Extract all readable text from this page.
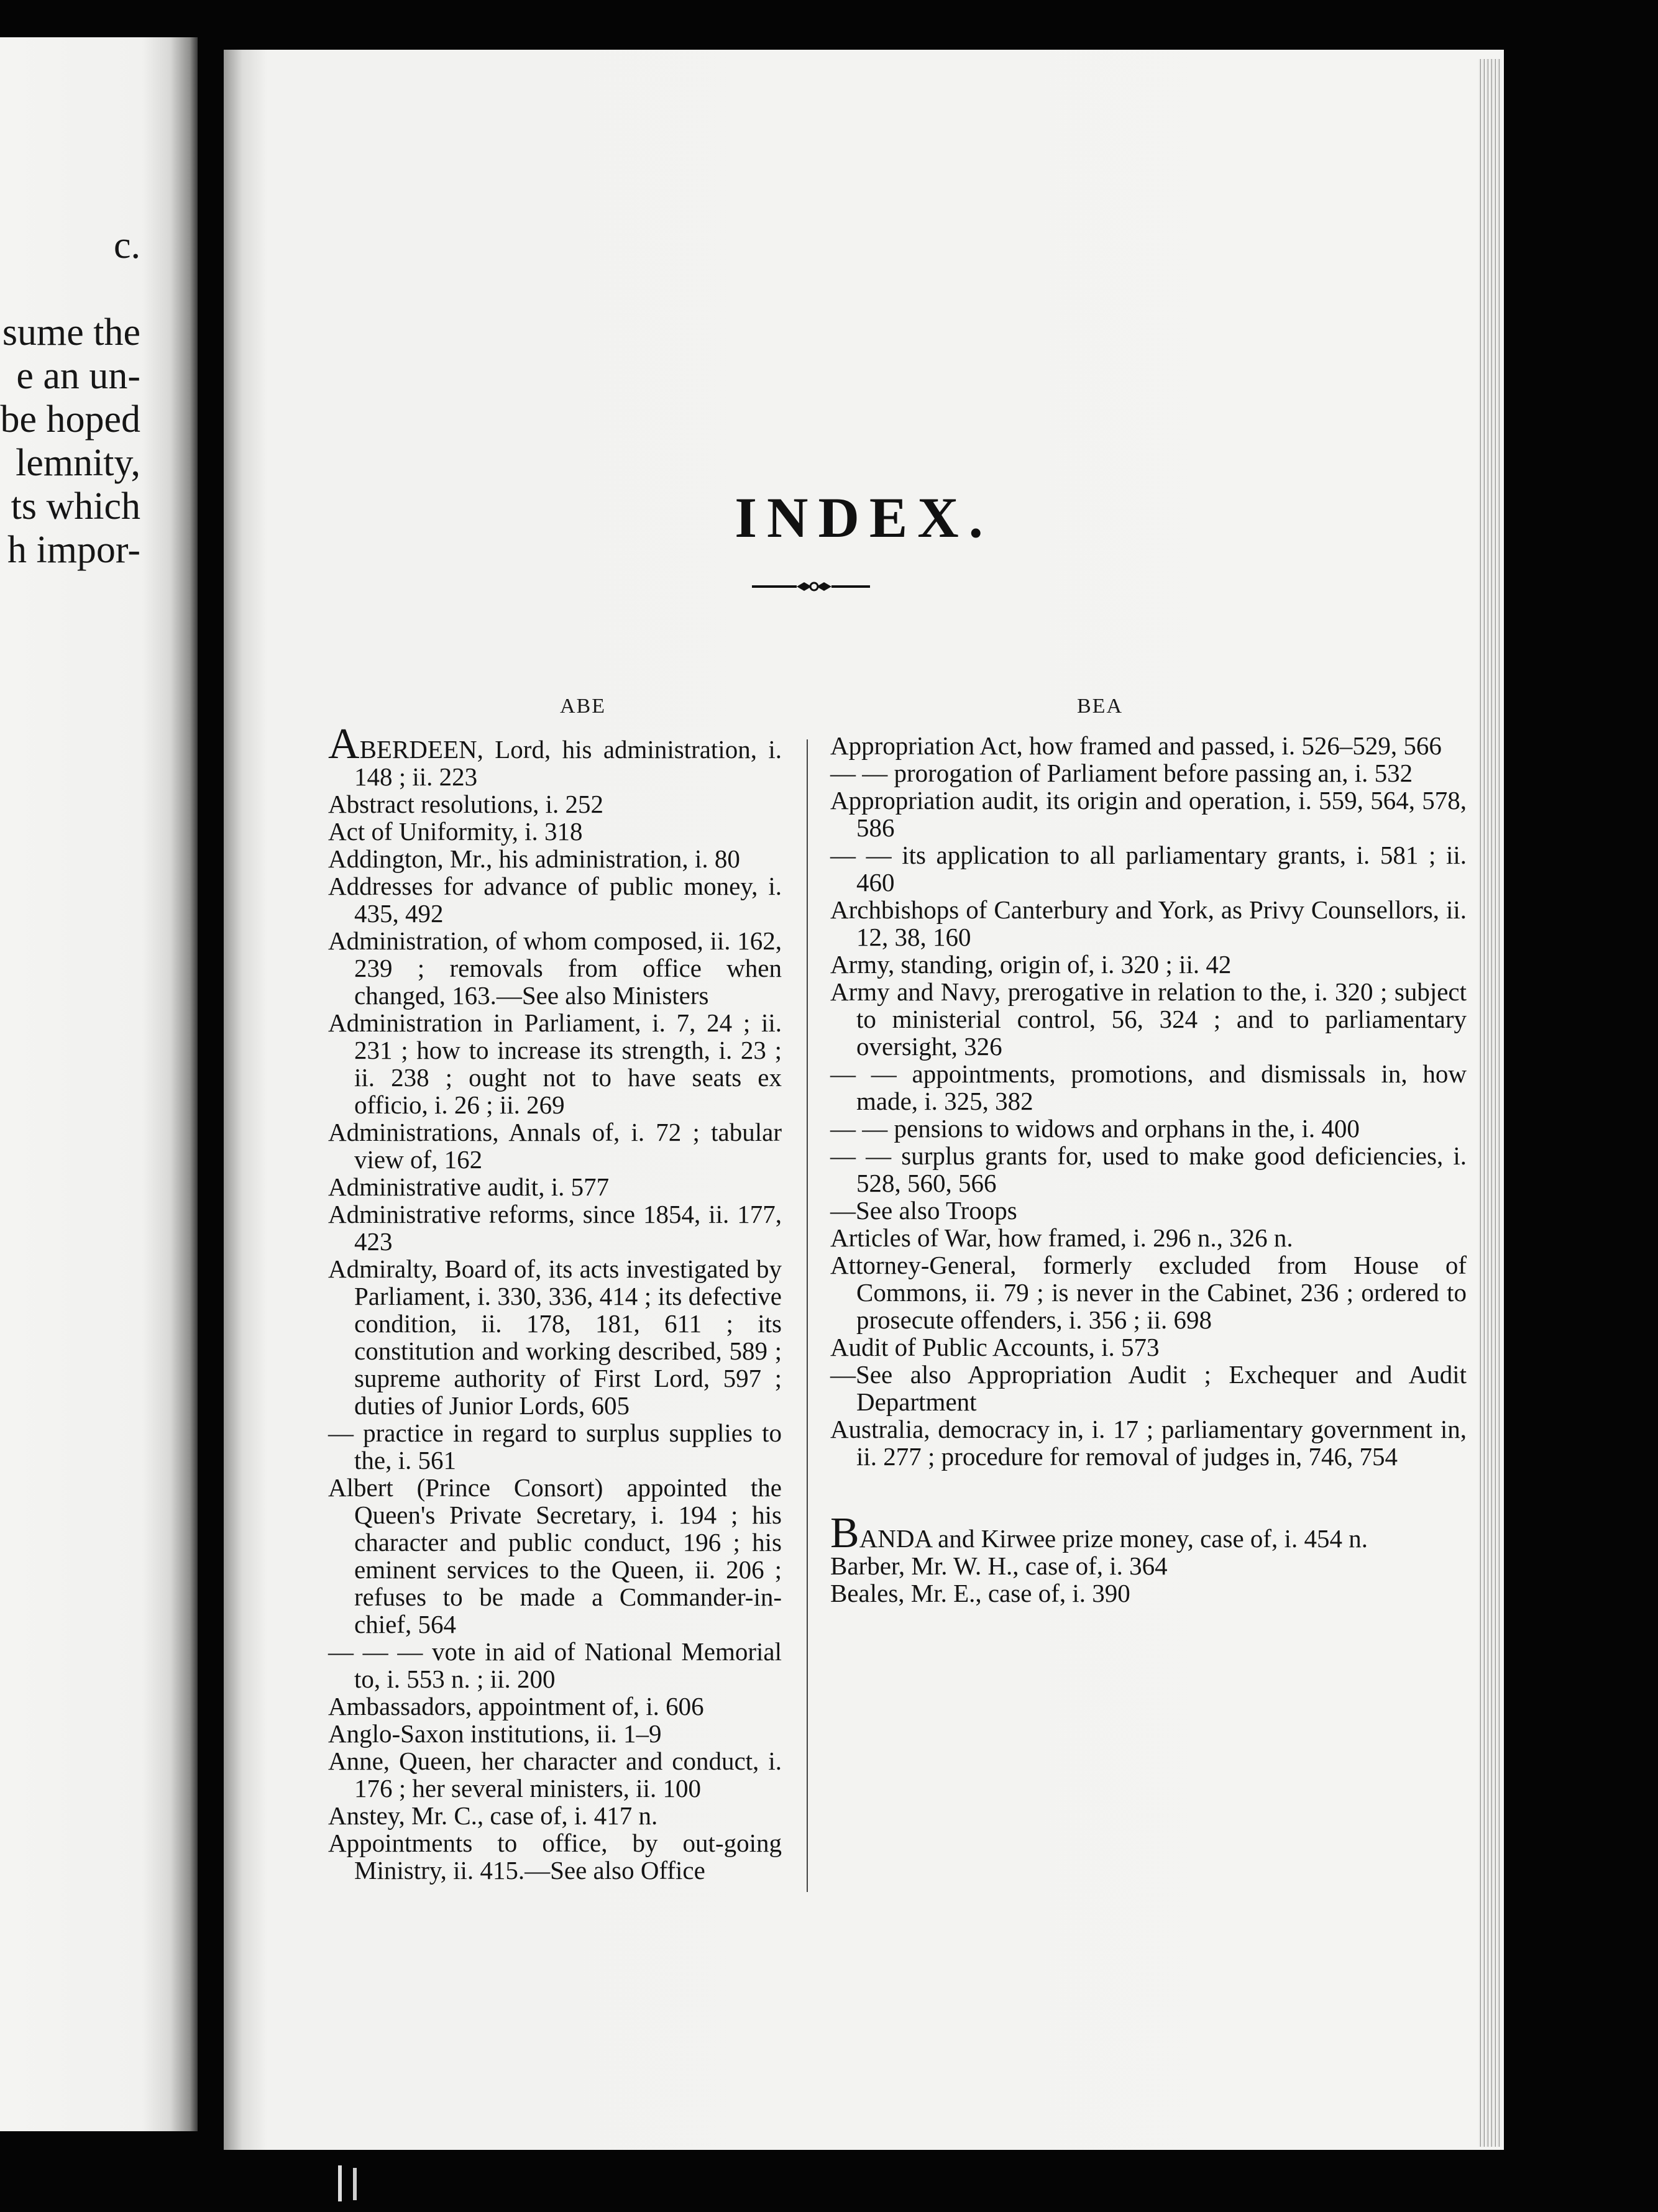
c.
sume the
e an un-
be hoped
lemnity,
ts which
h impor-
INDEX.
ABE	BEA

ABERDEEN, Lord, his administration, i. 148 ; ii. 223

Abstract resolutions, i. 252

Act of Uniformity, i. 318

Addington, Mr., his administration, i. 80

Addresses for advance of public money, i. 435, 492

Administration, of whom composed, ii. 162, 239 ; removals from office when changed, 163.—See also Ministers

Administration in Parliament, i. 7, 24 ; ii. 231 ; how to increase its strength, i. 23 ; ii. 238 ; ought not to have seats ex officio, i. 26 ; ii. 269

Administrations, Annals of, i. 72 ; tabular view of, 162

Administrative audit, i. 577

Administrative reforms, since 1854, ii. 177, 423

Admiralty, Board of, its acts investigated by Parliament, i. 330, 336, 414 ; its defective condition, ii. 178, 181, 611 ; its constitution and working described, 589 ; supreme authority of First Lord, 597 ; duties of Junior Lords, 605

— practice in regard to surplus supplies to the, i. 561

Albert (Prince Consort) appointed the Queen's Private Secretary, i. 194 ; his character and public conduct, 196 ; his eminent services to the Queen, ii. 206 ; refuses to be made a Commander-in-chief, 564

— — — vote in aid of National Memorial to, i. 553 n. ; ii. 200

Ambassadors, appointment of, i. 606

Anglo-Saxon institutions, ii. 1–9

Anne, Queen, her character and conduct, i. 176 ; her several ministers, ii. 100

Anstey, Mr. C., case of, i. 417 n.

Appointments to office, by out-going Ministry, ii. 415.—See also Office

Appropriation Act, how framed and passed, i. 526–529, 566

— — prorogation of Parliament before passing an, i. 532

Appropriation audit, its origin and operation, i. 559, 564, 578, 586

— — its application to all parliamentary grants, i. 581 ; ii. 460

Archbishops of Canterbury and York, as Privy Counsellors, ii. 12, 38, 160

Army, standing, origin of, i. 320 ; ii. 42

Army and Navy, prerogative in relation to the, i. 320 ; subject to ministerial control, 56, 324 ; and to parliamentary oversight, 326

— — appointments, promotions, and dismissals in, how made, i. 325, 382

— — pensions to widows and orphans in the, i. 400

— — surplus grants for, used to make good deficiencies, i. 528, 560, 566

—See also Troops

Articles of War, how framed, i. 296 n., 326 n.

Attorney-General, formerly excluded from House of Commons, ii. 79 ; is never in the Cabinet, 236 ; ordered to prosecute offenders, i. 356 ; ii. 698

Audit of Public Accounts, i. 573

—See also Appropriation Audit ; Exchequer and Audit Department

Australia, democracy in, i. 17 ; parliamentary government in, ii. 277 ; procedure for removal of judges in, 746, 754

BANDA and Kirwee prize money, case of, i. 454 n.

Barber, Mr. W. H., case of, i. 364

Beales, Mr. E., case of, i. 390
